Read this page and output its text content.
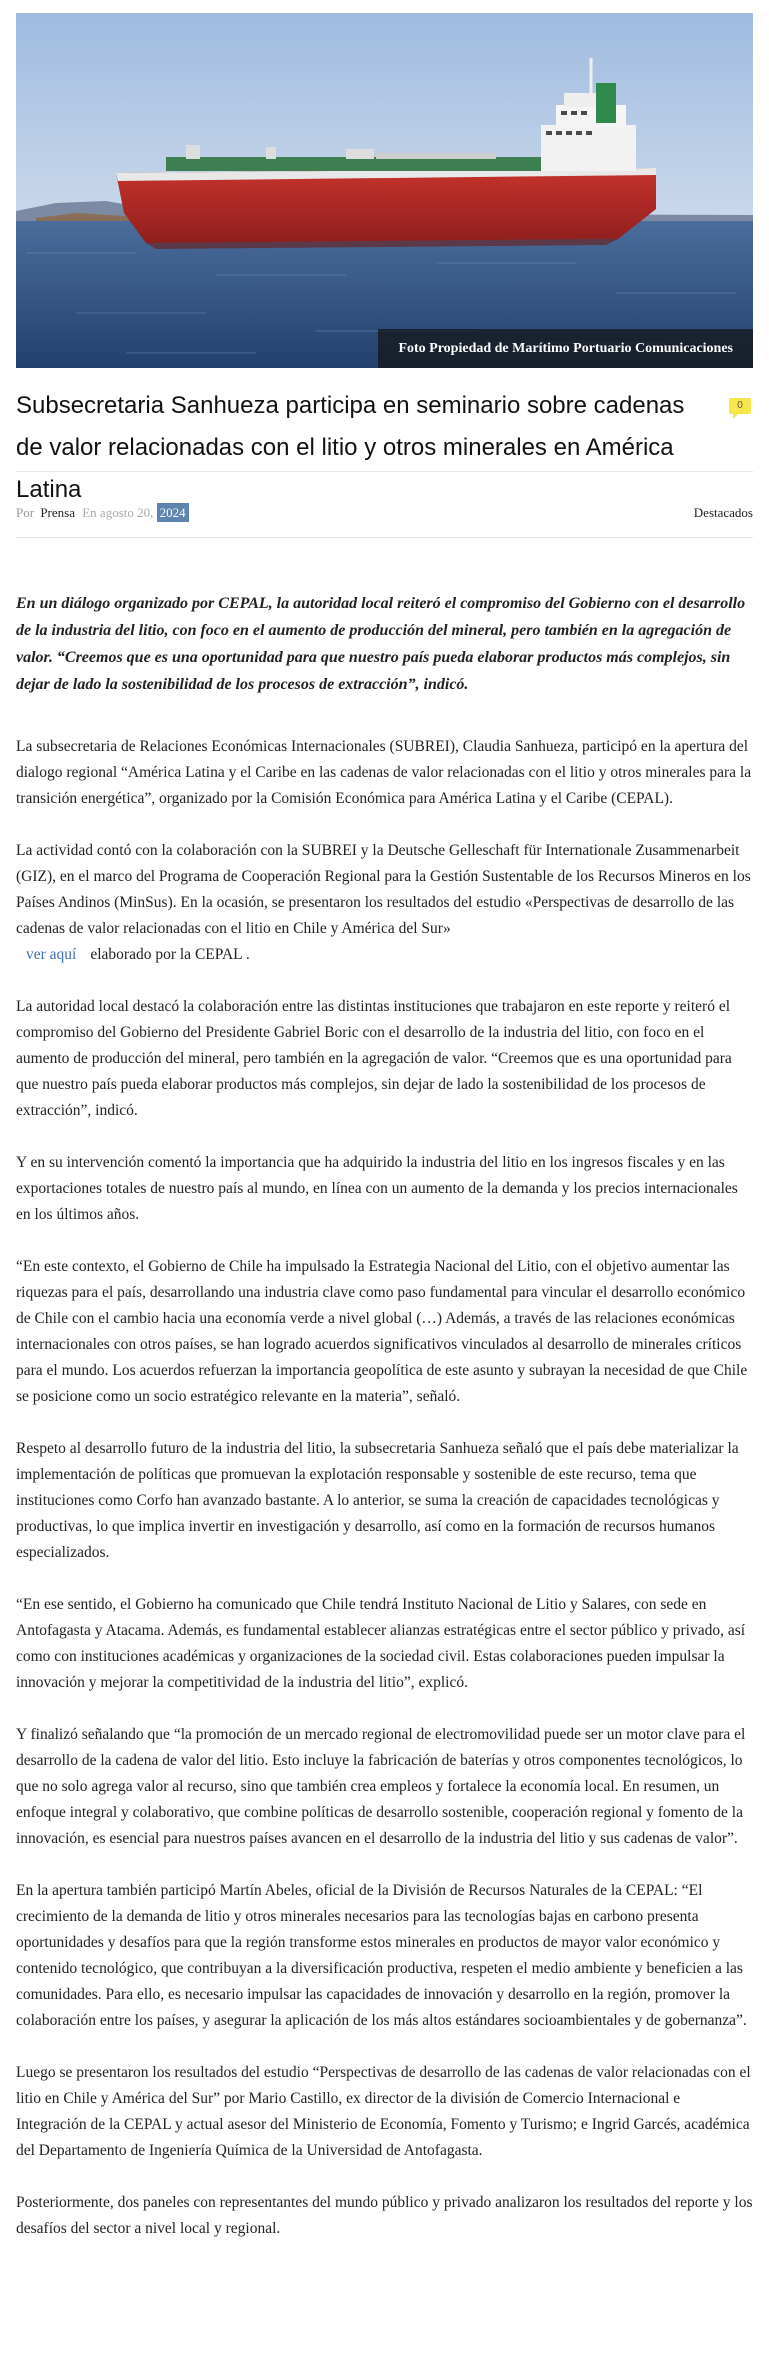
Foto Propiedad de Marítimo Portuario Comunicaciones
Subsecretaria Sanhueza participa en seminario sobre cadenas de valor relacionadas con el litio y otros minerales en América Latina
0
Por Prensa En agosto 20, 2024	Destacados

En un diálogo organizado por CEPAL, la autoridad local reiteró el compromiso del Gobierno con el desarrollo de la industria del litio, con foco en el aumento de producción del mineral, pero también en la agregación de valor. “Creemos que es una oportunidad para que nuestro país pueda elaborar productos más complejos, sin dejar de lado la sostenibilidad de los procesos de extracción”, indicó.

La subsecretaria de Relaciones Económicas Internacionales (SUBREI), Claudia Sanhueza, participó en la apertura del dialogo regional “América Latina y el Caribe en las cadenas de valor relacionadas con el litio y otros minerales para la transición energética”, organizado por la Comisión Económica para América Latina y el Caribe (CEPAL).

La actividad contó con la colaboración con la SUBREI y la Deutsche Gelleschaft für Internationale Zusammenarbeit (GIZ), en el marco del Programa de Cooperación Regional para la Gestión Sustentable de los Recursos Mineros en los Países Andinos (MinSus). En la ocasión, se presentaron los resultados del estudio «Perspectivas de desarrollo de las cadenas de valor relacionadas con el litio en Chile y América del Sur»
ver aquí elaborado por la CEPAL .

La autoridad local destacó la colaboración entre las distintas instituciones que trabajaron en este reporte y reiteró el compromiso del Gobierno del Presidente Gabriel Boric con el desarrollo de la industria del litio, con foco en el aumento de producción del mineral, pero también en la agregación de valor. “Creemos que es una oportunidad para que nuestro país pueda elaborar productos más complejos, sin dejar de lado la sostenibilidad de los procesos de extracción”, indicó.

Y en su intervención comentó la importancia que ha adquirido la industria del litio en los ingresos fiscales y en las exportaciones totales de nuestro país al mundo, en línea con un aumento de la demanda y los precios internacionales en los últimos años.

“En este contexto, el Gobierno de Chile ha impulsado la Estrategia Nacional del Litio, con el objetivo aumentar las riquezas para el país, desarrollando una industria clave como paso fundamental para vincular el desarrollo económico de Chile con el cambio hacia una economía verde a nivel global (…) Además, a través de las relaciones económicas internacionales con otros países, se han logrado acuerdos significativos vinculados al desarrollo de minerales críticos para el mundo. Los acuerdos refuerzan la importancia geopolítica de este asunto y subrayan la necesidad de que Chile se posicione como un socio estratégico relevante en la materia”, señaló.

Respeto al desarrollo futuro de la industria del litio, la subsecretaria Sanhueza señaló que el país debe materializar la implementación de políticas que promuevan la explotación responsable y sostenible de este recurso, tema que instituciones como Corfo han avanzado bastante. A lo anterior, se suma la creación de capacidades tecnológicas y productivas, lo que implica invertir en investigación y desarrollo, así como en la formación de recursos humanos especializados.

“En ese sentido, el Gobierno ha comunicado que Chile tendrá Instituto Nacional de Litio y Salares, con sede en Antofagasta y Atacama. Además, es fundamental establecer alianzas estratégicas entre el sector público y privado, así como con instituciones académicas y organizaciones de la sociedad civil. Estas colaboraciones pueden impulsar la innovación y mejorar la competitividad de la industria del litio”, explicó.

Y finalizó señalando que “la promoción de un mercado regional de electromovilidad puede ser un motor clave para el desarrollo de la cadena de valor del litio. Esto incluye la fabricación de baterías y otros componentes tecnológicos, lo que no solo agrega valor al recurso, sino que también crea empleos y fortalece la economía local. En resumen, un enfoque integral y colaborativo, que combine políticas de desarrollo sostenible, cooperación regional y fomento de la innovación, es esencial para nuestros países avancen en el desarrollo de la industria del litio y sus cadenas de valor”.

En la apertura también participó Martín Abeles, oficial de la División de Recursos Naturales de la CEPAL: “El crecimiento de la demanda de litio y otros minerales necesarios para las tecnologías bajas en carbono presenta oportunidades y desafíos para que la región transforme estos minerales en productos de mayor valor económico y contenido tecnológico, que contribuyan a la diversificación productiva, respeten el medio ambiente y beneficien a las comunidades. Para ello, es necesario impulsar las capacidades de innovación y desarrollo en la región, promover la colaboración entre los países, y asegurar la aplicación de los más altos estándares socioambientales y de gobernanza”.

Luego se presentaron los resultados del estudio “Perspectivas de desarrollo de las cadenas de valor relacionadas con el litio en Chile y América del Sur” por Mario Castillo, ex director de la división de Comercio Internacional e Integración de la CEPAL y actual asesor del Ministerio de Economía, Fomento y Turismo; e Ingrid Garcés, académica del Departamento de Ingeniería Química de la Universidad de Antofagasta.

Posteriormente, dos paneles con representantes del mundo público y privado analizaron los resultados del reporte y los desafíos del sector a nivel local y regional.
